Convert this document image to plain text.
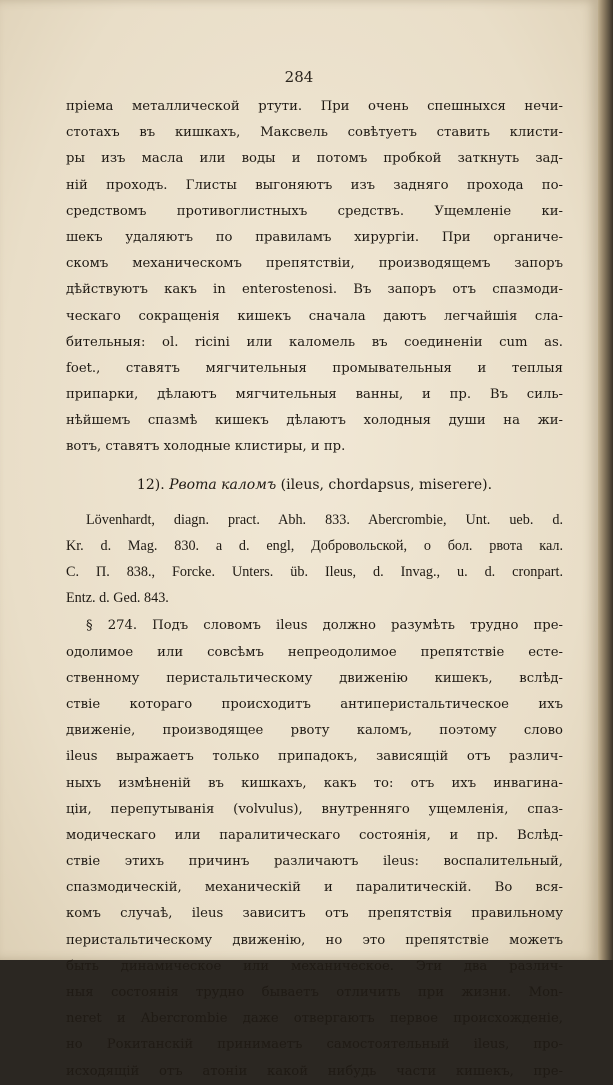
284
пріема металлической ртути. При очень спешныхся нечи-
стотахъ въ кишкахъ, Максвель совѣтуетъ ставить клисти-
ры изъ масла или воды и потомъ пробкой заткнуть зад-
ній проходъ. Глисты выгоняютъ изъ задняго прохода по-
средствомъ противоглистныхъ средствъ. Ущемленіе ки-
шекъ удаляютъ по правиламъ хирургіи. При органиче-
скомъ механическомъ препятствіи, производящемъ запоръ
дѣйствуютъ какъ in enterostenosi. Въ запоръ отъ спазмоди-
ческаго сокращенія кишекъ сначала даютъ легчайшія сла-
бительныя: ol. ricini или каломель въ соединеніи cum as.
foet., ставятъ мягчительныя промывательныя и теплыя
припарки, дѣлаютъ мягчительныя ванны, и пр. Въ силь-
нѣйшемъ спазмѣ кишекъ дѣлаютъ холодныя души на жи-
вотъ, ставятъ холодные клистиры, и пр.
12). Рвота каломъ (ileus, chordapsus, miserere).
Lövenhardt, diagn. pract. Abh. 833. Abercrombie, Unt. ueb. d.
Kr. d. Mag. 830. a d. engl, Добровольской, о бол. рвота кал.
С. П. 838., Forcke. Unters. üb. Ileus, d. Invag., u. d. cronpart.
Entz. d. Ged. 843.
§ 274. Подъ словомъ ileus должно разумѣть трудно пре-
одолимое или совсѣмъ непреодолимое препятствіе есте-
ственному перистальтическому движенію кишекъ, вслѣд-
ствіе котораго происходитъ антиперистальтическое ихъ
движеніе, производящее рвоту каломъ, поэтому слово
ileus выражаетъ только припадокъ, зависящій отъ различ-
ныхъ измѣненій въ кишкахъ, какъ то: отъ ихъ инвагина-
ціи, перепутыванія (volvulus), внутренняго ущемленія, спаз-
модическаго или паралитическаго состоянія, и пр. Вслѣд-
ствіе этихъ причинъ различаютъ ileus: воспалительный,
спазмодическій, механическій и паралитическій. Во вся-
комъ случаѣ, ileus зависитъ отъ препятствія правильному
перистальтическому движенію, но это препятствіе можетъ
быть динамическое или механическое. Эти два различ-
ныя состоянія трудно бываетъ отличить при жизни. Mon-
neret и Abercrombie даже отвергаютъ первое происхожденіе,
но Рокитанскій принимаетъ самостоятельный ileus, про-
исходящій отъ атоніи какой нибудь части кишекъ, пре-
